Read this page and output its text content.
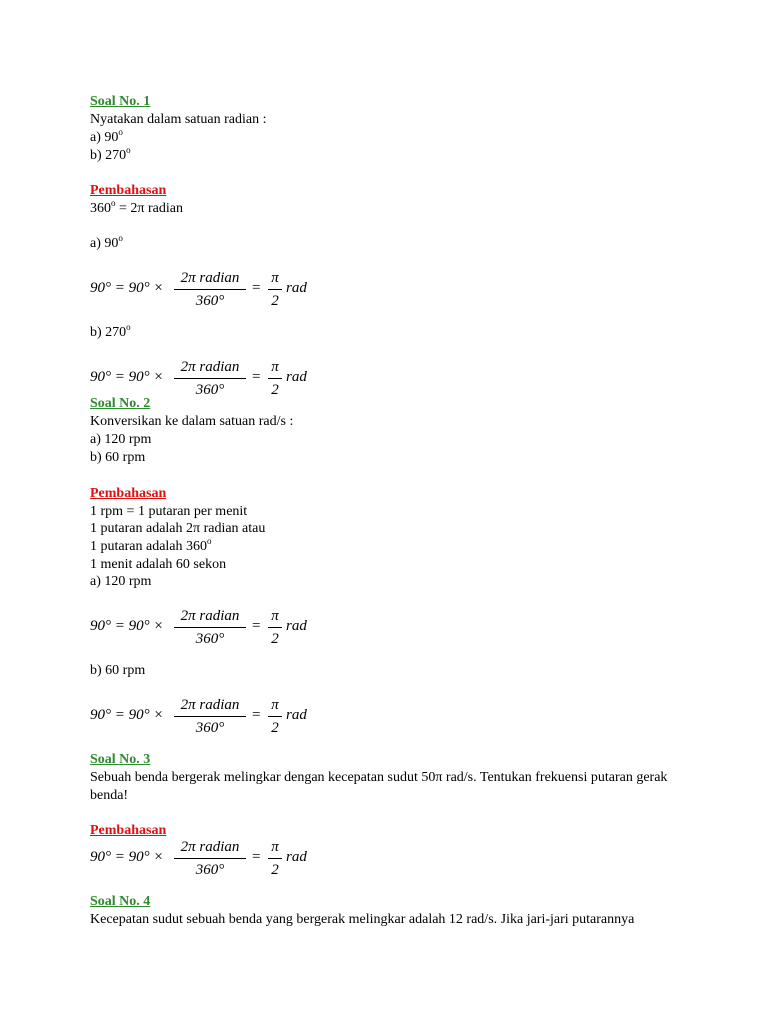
Soal No. 1
Nyatakan dalam satuan radian :
a) 90$^o$
b) 270$^o$
Pembahasan
$360^o = 2\pi$ radian
a) 90$^o$
90° = 90° ×
2π radian
360°
=
π
2
rad
b) 270$^o$
90° = 90° ×
2π radian
360°
=
π
2
rad
Soal No. 2
Konversikan ke dalam satuan rad/s :
a) 120 rpm
b) 60 rpm
Pembahasan
1 rpm = 1 putaran per menit
1 putaran adalah 2π radian atau
1 putaran adalah 360$^o$
1 menit adalah 60 sekon
a) 120 rpm
90° = 90° ×
2π radian
360°
=
π
2
rad
b) 60 rpm
90° = 90° ×
2π radian
360°
=
π
2
rad
Soal No. 3
Sebuah benda bergerak melingkar dengan kecepatan sudut 50π rad/s. Tentukan frekuensi putaran gerak benda!
Pembahasan
90° = 90° ×
2π radian
360°
=
π
2
rad
Soal No. 4
Kecepatan sudut sebuah benda yang bergerak melingkar adalah 12 rad/s. Jika jari-jari putarannya
